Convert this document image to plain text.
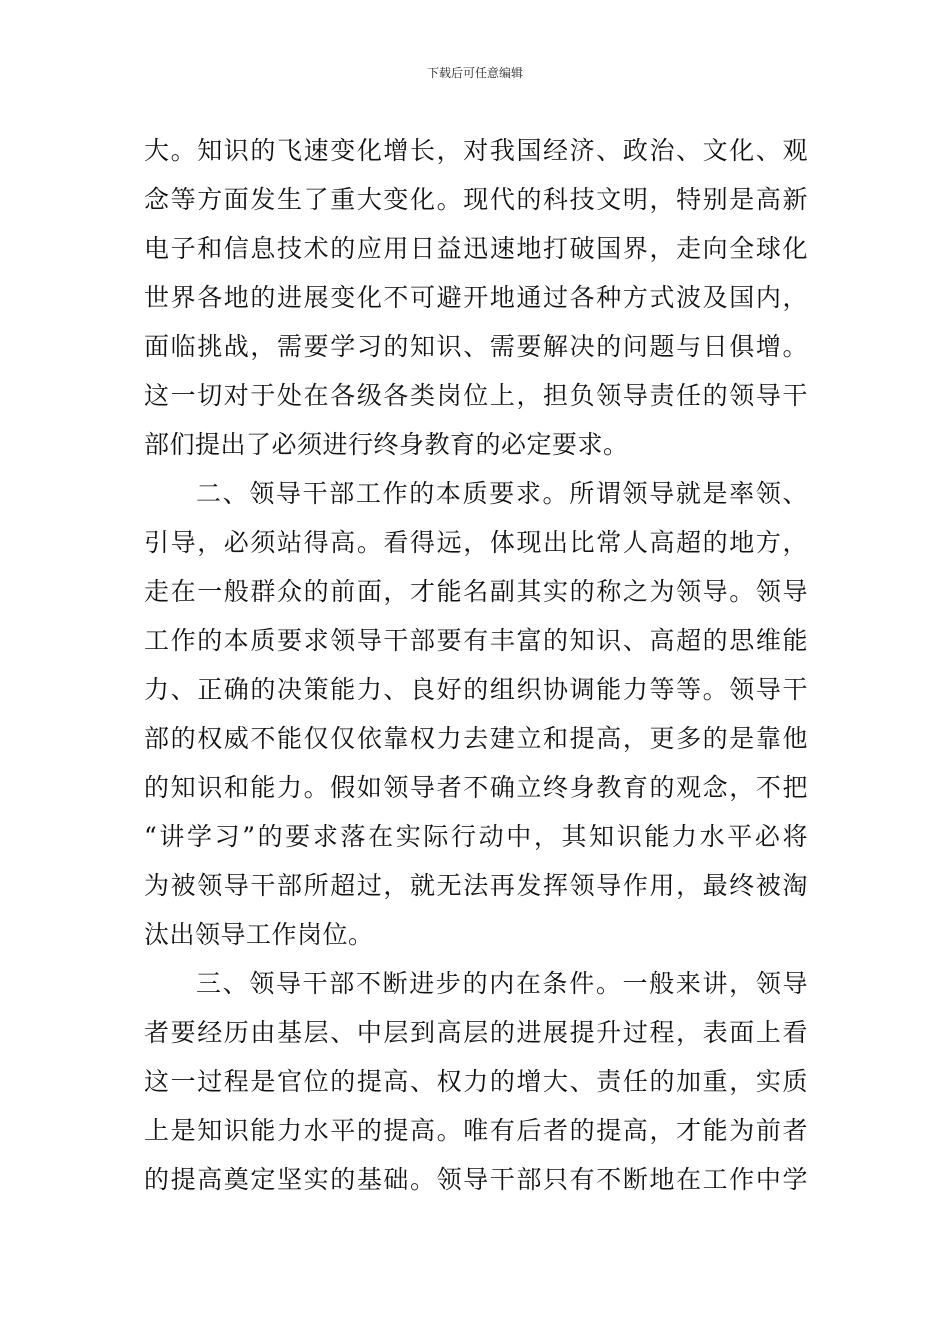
下载后可任意编辑
大。知识的飞速变化增长，对我国经济、政治、文化、观
念等方面发生了重大变化。现代的科技文明，特别是高新
电子和信息技术的应用日益迅速地打破国界，走向全球化
世界各地的进展变化不可避开地通过各种方式波及国内，
面临挑战，需要学习的知识、需要解决的问题与日俱增。
这一切对于处在各级各类岗位上，担负领导责任的领导干
部们提出了必须进行终身教育的必定要求。
二、领导干部工作的本质要求。所谓领导就是率领、
引导，必须站得高。看得远，体现出比常人高超的地方，
走在一般群众的前面，才能名副其实的称之为领导。领导
工作的本质要求领导干部要有丰富的知识、高超的思维能
力、正确的决策能力、良好的组织协调能力等等。领导干
部的权威不能仅仅依靠权力去建立和提高，更多的是靠他
的知识和能力。假如领导者不确立终身教育的观念，不把
“讲学习”的要求落在实际行动中，其知识能力水平必将
为被领导干部所超过，就无法再发挥领导作用，最终被淘
汰出领导工作岗位。
三、领导干部不断进步的内在条件。一般来讲，领导
者要经历由基层、中层到高层的进展提升过程，表面上看
这一过程是官位的提高、权力的增大、责任的加重，实质
上是知识能力水平的提高。唯有后者的提高，才能为前者
的提高奠定坚实的基础。领导干部只有不断地在工作中学
